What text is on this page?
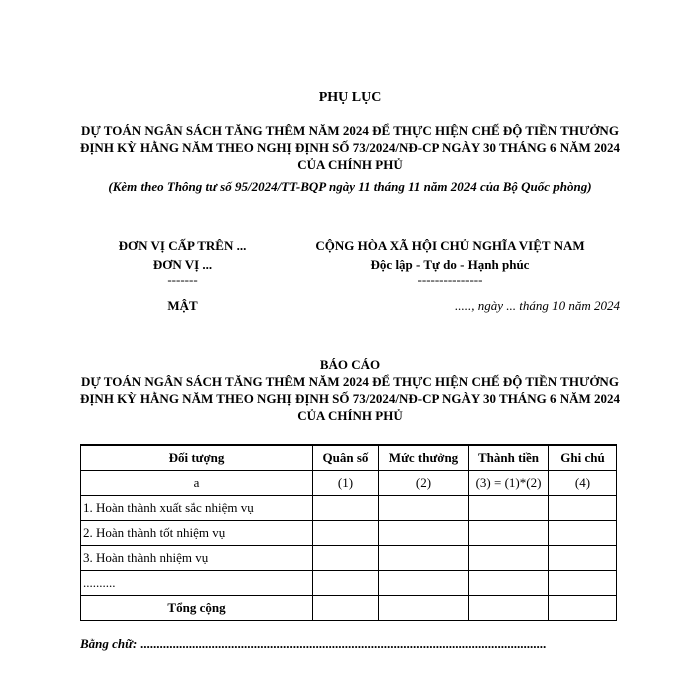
PHỤ LỤC
DỰ TOÁN NGÂN SÁCH TĂNG THÊM NĂM 2024 ĐỂ THỰC HIỆN CHẾ ĐỘ TIỀN THƯỞNG ĐỊNH KỲ HẰNG NĂM THEO NGHỊ ĐỊNH SỐ 73/2024/NĐ-CP NGÀY 30 THÁNG 6 NĂM 2024 CỦA CHÍNH PHỦ
(Kèm theo Thông tư số 95/2024/TT-BQP ngày 11 tháng 11 năm 2024 của Bộ Quốc phòng)
ĐƠN VỊ CẤP TRÊN ...
ĐƠN VỊ ...
-------
MẬT
CỘNG HÒA XÃ HỘI CHỦ NGHĨA VIỆT NAM
Độc lập - Tự do - Hạnh phúc
---------------
....., ngày ... tháng 10 năm 2024
BÁO CÁO
DỰ TOÁN NGÂN SÁCH TĂNG THÊM NĂM 2024 ĐỂ THỰC HIỆN CHẾ ĐỘ TIỀN THƯỞNG ĐỊNH KỲ HẰNG NĂM THEO NGHỊ ĐỊNH SỐ 73/2024/NĐ-CP NGÀY 30 THÁNG 6 NĂM 2024 CỦA CHÍNH PHỦ
Đối tượng	Quân số	Mức thưởng	Thành tiền	Ghi chú
a	(1)	(2)	(3) = (1)*(2)	(4)
1. Hoàn thành xuất sắc nhiệm vụ				
2. Hoàn thành tốt nhiệm vụ				
3. Hoàn thành nhiệm vụ				
..........				
Tổng cộng				
Bằng chữ: .............................................................................................................................
